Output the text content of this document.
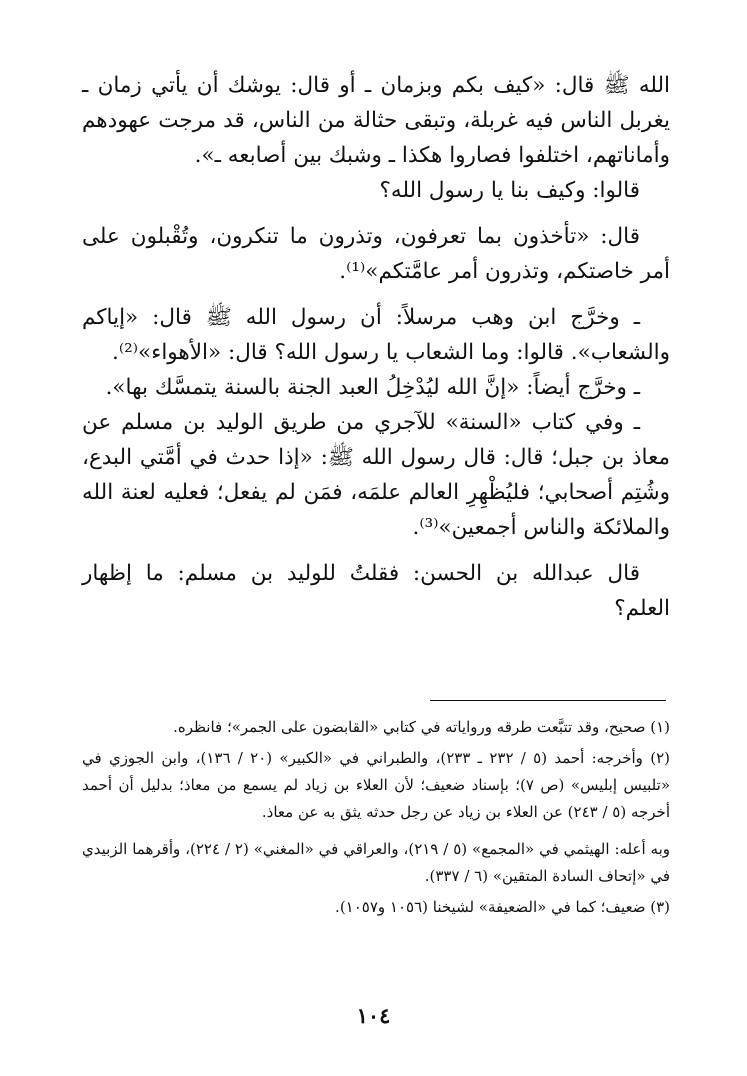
الله ﷺ قال: «كيف بكم وبزمان ـ أو قال: يوشك أن يأتي زمان ـ يغربل الناس فيه غربلة، وتبقى حثالة من الناس، قد مرجت عهودهم وأماناتهم، اختلفوا فصاروا هكذا ـ وشبك بين أصابعه ـ».

قالوا: وكيف بنا يا رسول الله؟

قال: «تأخذون بما تعرفون، وتذرون ما تنكرون، وتُقْبلون على أمر خاصتكم، وتذرون أمر عامَّتكم»⁽¹⁾.

ـ وخرَّج ابن وهب مرسلاً: أن رسول الله ﷺ قال: «إياكم والشعاب». قالوا: وما الشعاب يا رسول الله؟ قال: «الأهواء»⁽²⁾.

ـ وخرَّج أيضاً: «إنَّ الله ليُدْخِلُ العبد الجنة بالسنة يتمسَّك بها».

ـ وفي كتاب «السنة» للآجري من طريق الوليد بن مسلم عن معاذ بن جبل؛ قال: قال رسول الله ﷺ: «إذا حدث في أمَّتي البدع، وشُتِم أصحابي؛ فليُظْهِرِ العالم علمَه، فمَن لم يفعل؛ فعليه لعنة الله والملائكة والناس أجمعين»⁽³⁾.

قال عبدالله بن الحسن: فقلتُ للوليد بن مسلم: ما إظهار العلم؟

(١) صحيح، وقد تتبَّعت طرقه ورواياته في كتابي «القابضون على الجمر»؛ فانظره.

(٢) وأخرجه: أحمد (٥ / ٢٣٢ ـ ٢٣٣)، والطبراني في «الكبير» (٢٠ / ١٣٦)، وابن الجوزي في «تلبيس إبليس» (ص ٧)؛ بإسناد ضعيف؛ لأن العلاء بن زياد لم يسمع من معاذ؛ بدليل أن أحمد أخرجه (٥ / ٢٤٣) عن العلاء بن زياد عن رجل حدثه يثق به عن معاذ.

وبه أعله: الهيثمي في «المجمع» (٥ / ٢١٩)، والعراقي في «المغني» (٢ / ٢٢٤)، وأقرهما الزبيدي في «إتحاف السادة المتقين» (٦ / ٣٣٧).

(٣) ضعيف؛ كما في «الضعيفة» لشيخنا (١٠٥٦ و١٠٥٧).

١٠٤
